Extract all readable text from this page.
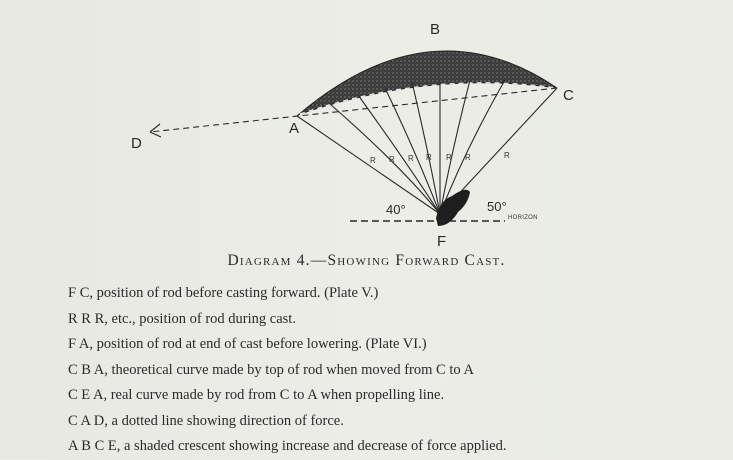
B
C
A
D
F
R R R R R R	R
40°	50°
HORIZON
Diagram 4.—Showing Forward Cast.
F C, position of rod before casting forward. (Plate V.)
R R R, etc., position of rod during cast.
F A, position of rod at end of cast before lowering. (Plate VI.)
C B A, theoretical curve made by top of rod when moved from C to A
C E A, real curve made by rod from C to A when propelling line.
C A D, a dotted line showing direction of force.
A B C E, a shaded crescent showing increase and decrease of force applied.
